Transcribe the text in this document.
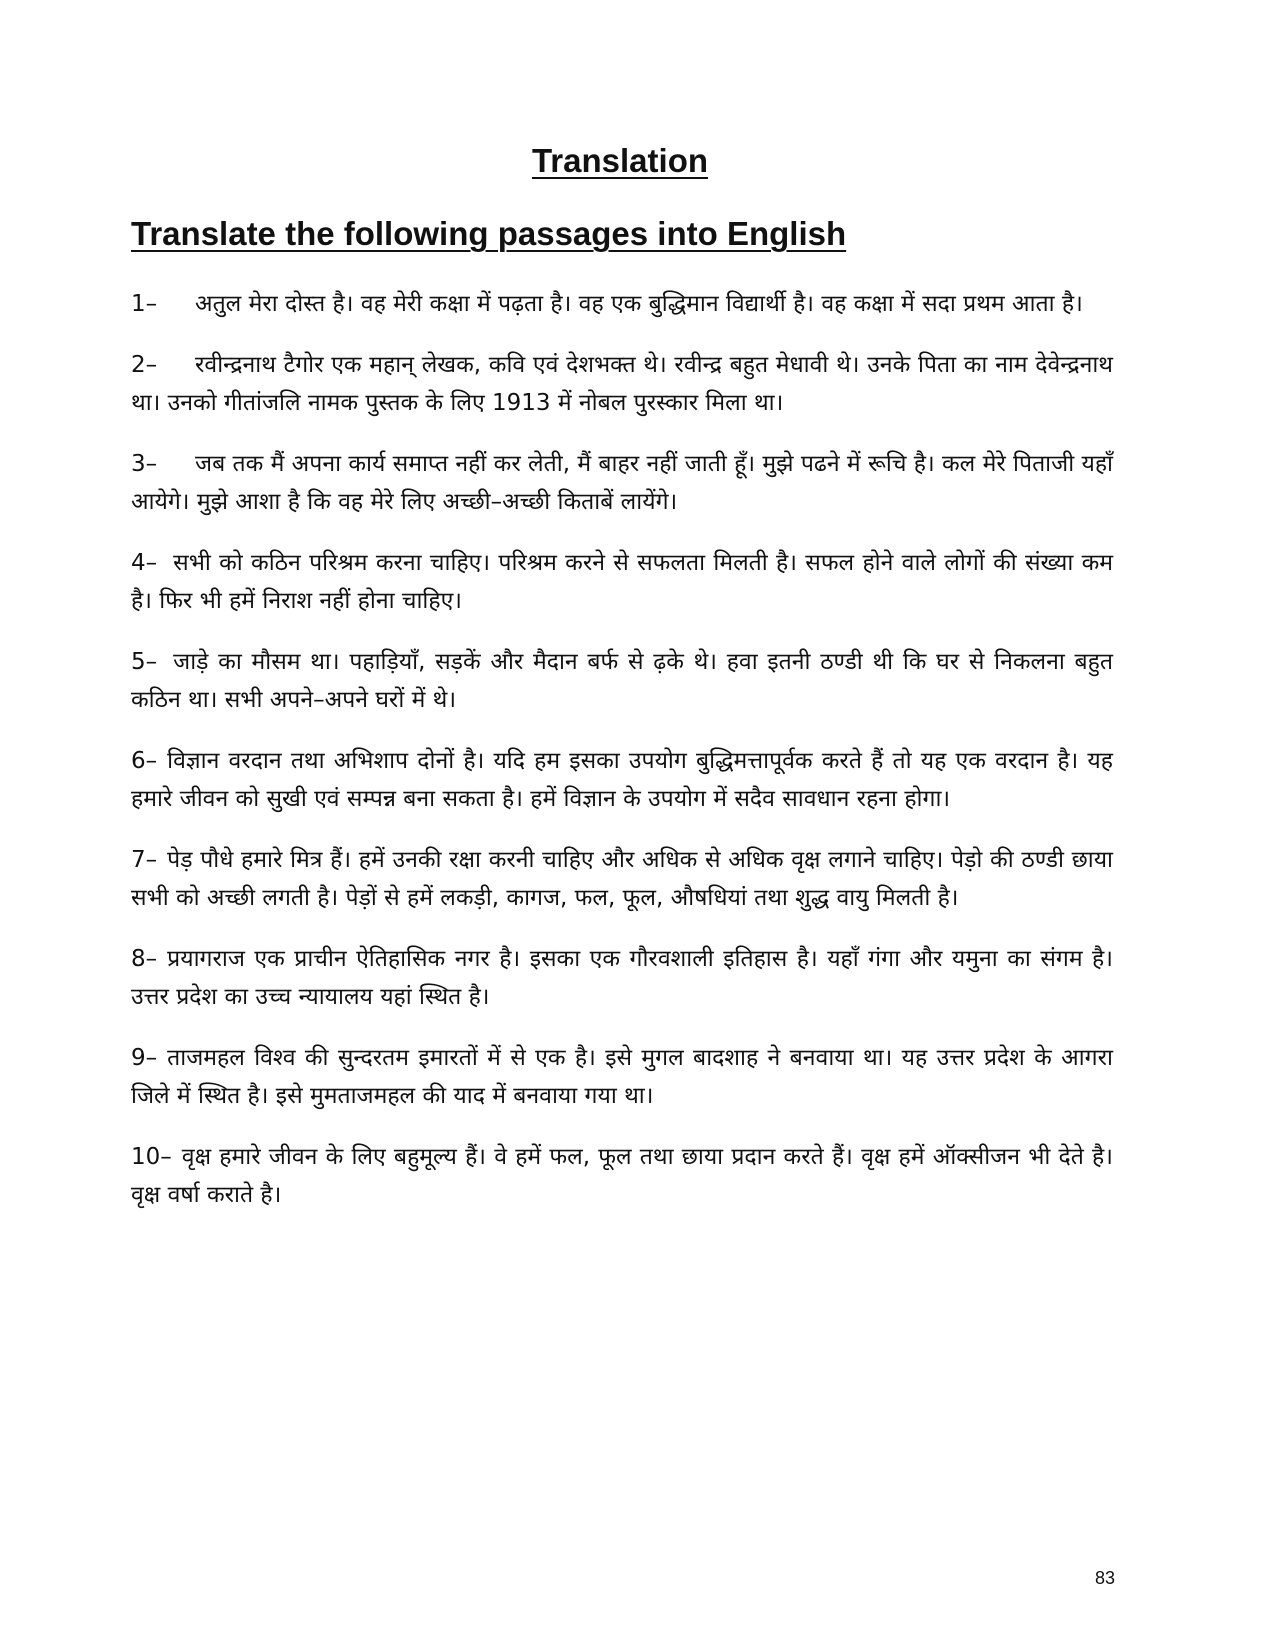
Translation
Translate the following passages into English

1– अतुल मेरा दोस्त है। वह मेरी कक्षा में पढ़ता है। वह एक बुद्धिमान विद्यार्थी है। वह कक्षा में सदा प्रथम आता है।

2– रवीन्द्रनाथ टैगोर एक महान् लेखक, कवि एवं देशभक्त थे। रवीन्द्र बहुत मेधावी थे। उनके पिता का नाम देवेन्द्रनाथ था। उनको गीतांजलि नामक पुस्तक के लिए 1913 में नोबल पुरस्कार मिला था।

3– जब तक मैं अपना कार्य समाप्त नहीं कर लेती, मैं बाहर नहीं जाती हूँ। मुझे पढने में रूचि है। कल मेरे पिताजी यहाँ आयेगे। मुझे आशा है कि वह मेरे लिए अच्छी–अच्छी किताबें लायेंगे।

4– सभी को कठिन परिश्रम करना चाहिए। परिश्रम करने से सफलता मिलती है। सफल होने वाले लोगों की संख्या कम है। फिर भी हमें निराश नहीं होना चाहिए।

5– जाड़े का मौसम था। पहाड़ियाँ, सड़कें और मैदान बर्फ से ढ़के थे। हवा इतनी ठण्डी थी कि घर से निकलना बहुत कठिन था। सभी अपने–अपने घरों में थे।

6– विज्ञान वरदान तथा अभिशाप दोनों है। यदि हम इसका उपयोग बुद्धिमत्तापूर्वक करते हैं तो यह एक वरदान है। यह हमारे जीवन को सुखी एवं सम्पन्न बना सकता है। हमें विज्ञान के उपयोग में सदैव सावधान रहना होगा।

7– पेड़ पौधे हमारे मित्र हैं। हमें उनकी रक्षा करनी चाहिए और अधिक से अधिक वृक्ष लगाने चाहिए। पेड़ो की ठण्डी छाया सभी को अच्छी लगती है। पेड़ों से हमें लकड़ी, कागज, फल, फूल, औषधियां तथा शुद्ध वायु मिलती है।

8– प्रयागराज एक प्राचीन ऐतिहासिक नगर है। इसका एक गौरवशाली इतिहास है। यहाँ गंगा और यमुना का संगम है। उत्तर प्रदेश का उच्च न्यायालय यहां स्थित है।

9– ताजमहल विश्व की सुन्दरतम इमारतों में से एक है। इसे मुगल बादशाह ने बनवाया था। यह उत्तर प्रदेश के आगरा जिले में स्थित है। इसे मुमताजमहल की याद में बनवाया गया था।

10– वृक्ष हमारे जीवन के लिए बहुमूल्य हैं। वे हमें फल, फूल तथा छाया प्रदान करते हैं। वृक्ष हमें ऑक्सीजन भी देते है। वृक्ष वर्षा कराते है।

83
